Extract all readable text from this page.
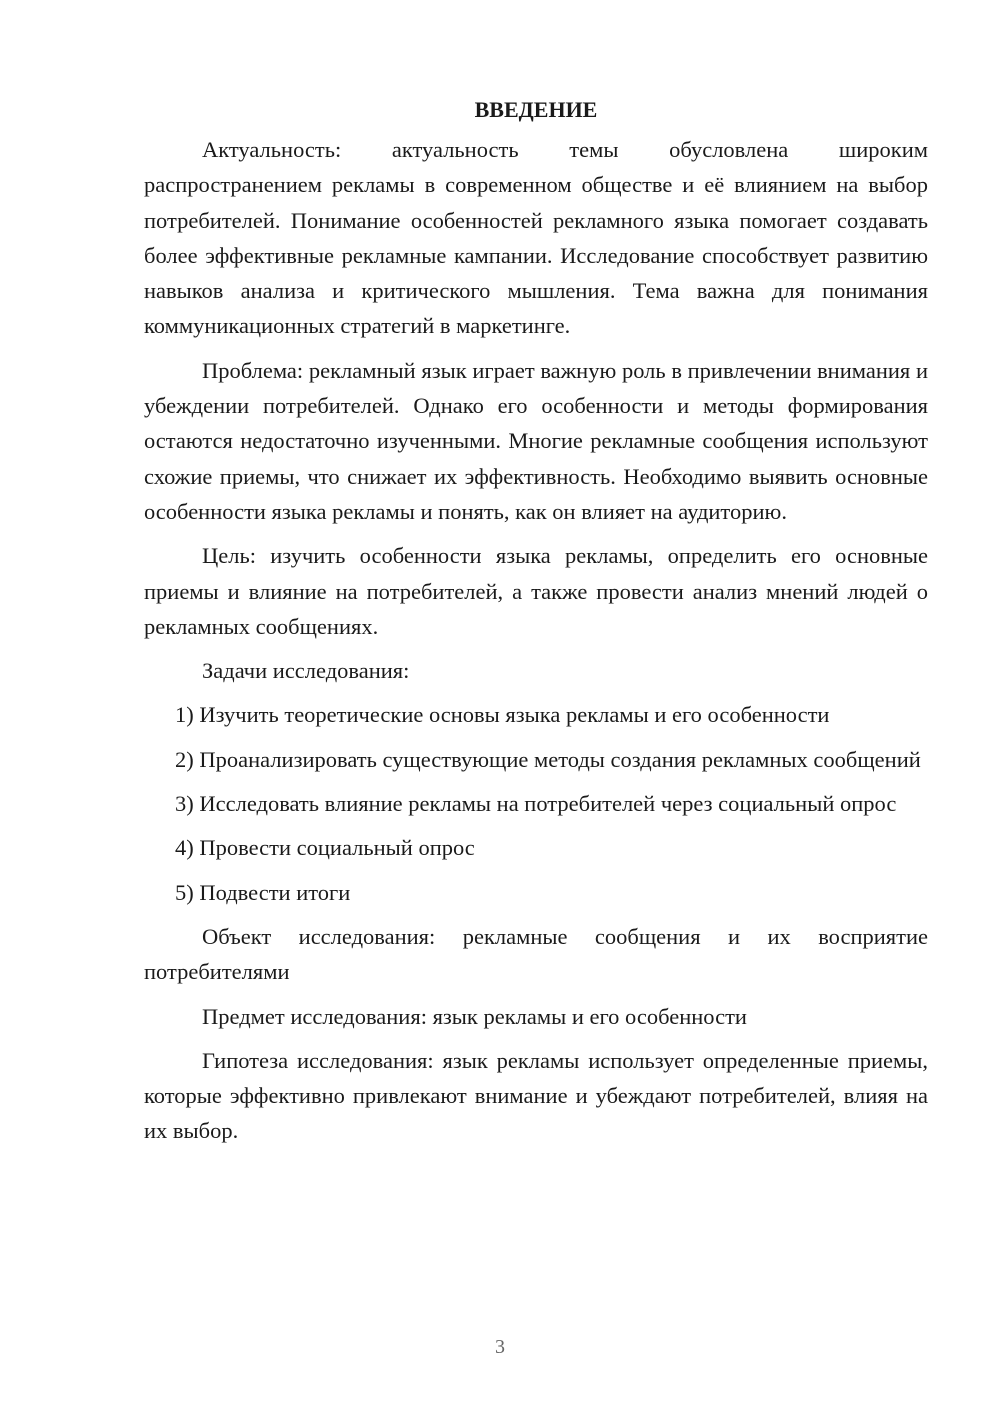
ВВЕДЕНИЕ

Актуальность: актуальность темы обусловлена широким распространением рекламы в современном обществе и её влиянием на выбор потребителей. Понимание особенностей рекламного языка помогает создавать более эффективные рекламные кампании. Исследование способствует развитию навыков анализа и критического мышления. Тема важна для понимания коммуникационных стратегий в маркетинге.

Проблема: рекламный язык играет важную роль в привлечении внимания и убеждении потребителей. Однако его особенности и методы формирования остаются недостаточно изученными. Многие рекламные сообщения используют схожие приемы, что снижает их эффективность. Необходимо выявить основные особенности языка рекламы и понять, как он влияет на аудиторию.

Цель: изучить особенности языка рекламы, определить его основные приемы и влияние на потребителей, а также провести анализ мнений людей о рекламных сообщениях.

Задачи исследования:

1) Изучить теоретические основы языка рекламы и его особенности

2) Проанализировать существующие методы создания рекламных сообщений

3) Исследовать влияние рекламы на потребителей через социальный опрос

4) Провести социальный опрос

5) Подвести итоги

Объект исследования: рекламные сообщения и их восприятие потребителями

Предмет исследования: язык рекламы и его особенности

Гипотеза исследования: язык рекламы использует определенные приемы, которые эффективно привлекают внимание и убеждают потребителей, влияя на их выбор.

3
